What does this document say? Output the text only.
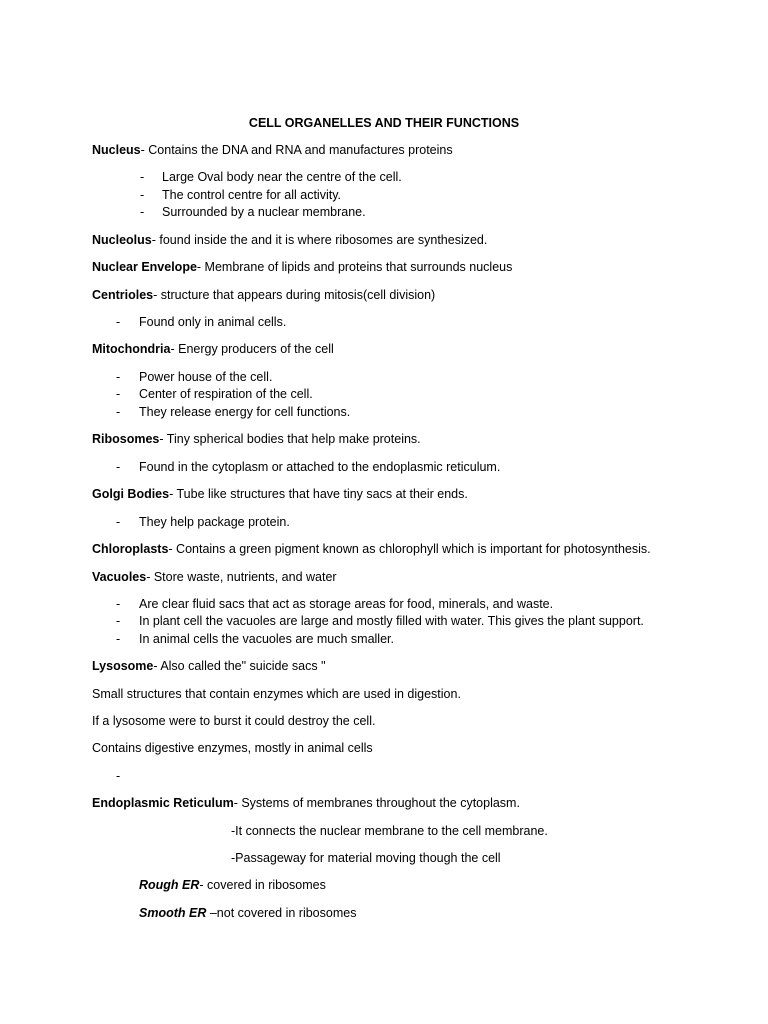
CELL ORGANELLES AND THEIR FUNCTIONS
Nucleus- Contains the DNA and RNA and manufactures proteins
- Large Oval body near the centre of the cell.
- The control centre for all activity.
- Surrounded by a nuclear membrane.
Nucleolus- found inside the and it is where ribosomes are synthesized.
Nuclear Envelope- Membrane of lipids and proteins that surrounds nucleus
Centrioles- structure that appears during mitosis(cell division)
- Found only in animal cells.
Mitochondria- Energy producers of the cell
- Power house of the cell.
- Center of respiration of the cell.
- They release energy for cell functions.
Ribosomes- Tiny spherical bodies that help make proteins.
- Found in the cytoplasm or attached to the endoplasmic reticulum.
Golgi Bodies- Tube like structures that have tiny sacs at their ends.
- They help package protein.
Chloroplasts- Contains a green pigment known as chlorophyll which is important for photosynthesis.
Vacuoles- Store waste, nutrients, and water
- Are clear fluid sacs that act as storage areas for food, minerals, and waste.
- In plant cell the vacuoles are large and mostly filled with water. This gives the plant support.
- In animal cells the vacuoles are much smaller.
Lysosome- Also called the" suicide sacs "
Small structures that contain enzymes which are used in digestion.
If a lysosome were to burst it could destroy the cell.
Contains digestive enzymes, mostly in animal cells
-
Endoplasmic Reticulum- Systems of membranes throughout the cytoplasm.
-It connects the nuclear membrane to the cell membrane.
-Passageway for material moving though the cell
Rough ER- covered in ribosomes
Smooth ER –not covered in ribosomes
